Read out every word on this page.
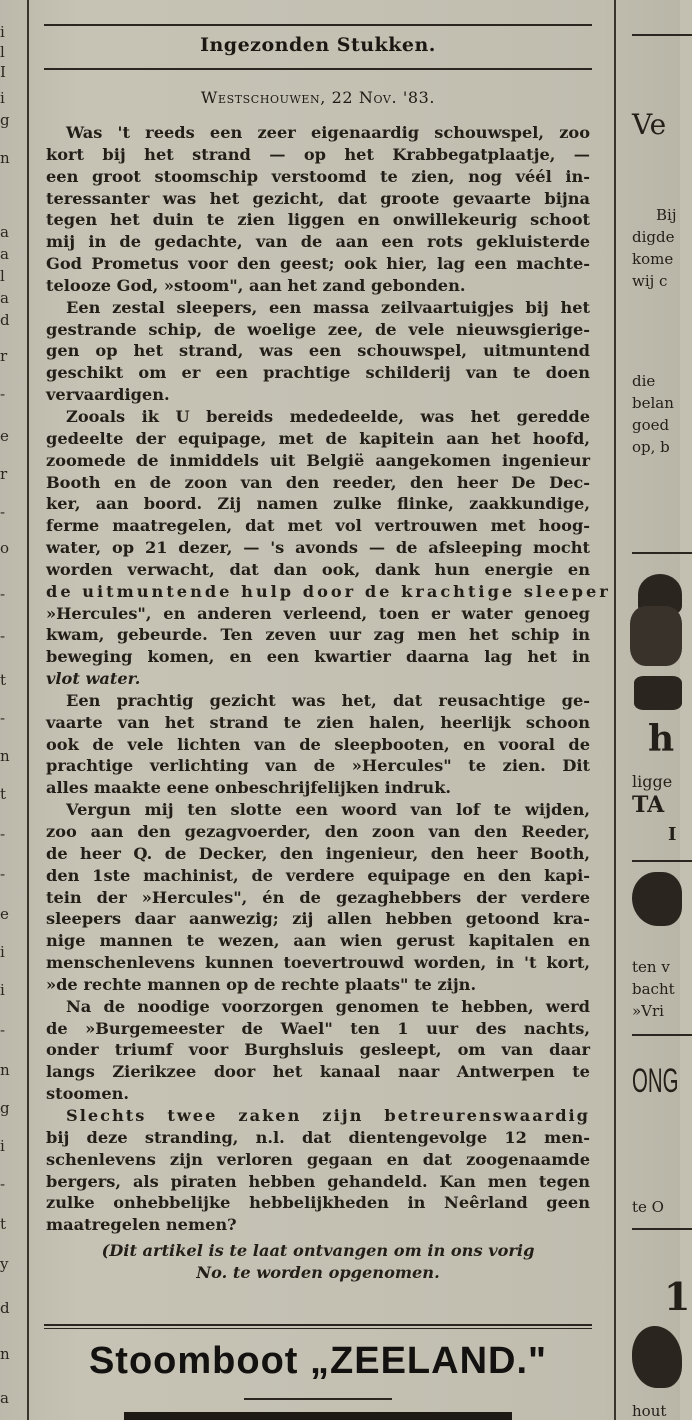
i
l
I
i
g
n
a
a
l
a
d
r
-
e
r
-
o
-
-
t
-
n
t
-
-
e
i
i
-
n
g
i
-
t
y
d
n
a
Ingezonden Stukken.
Westschouwen, 22 Nov. '83.
Was 't reeds een zeer eigenaardig schouwspel, zoo
kort bij het strand — op het Krabbegatplaatje, —
een groot stoomschip verstoomd te zien, nog véél in-
teressanter was het gezicht, dat groote gevaarte bijna
tegen het duin te zien liggen en onwillekeurig schoot
mij in de gedachte, van de aan een rots gekluisterde
God Prometus voor den geest; ook hier, lag een machte-
telooze God, »stoom", aan het zand gebonden.
Een zestal sleepers, een massa zeilvaartuigjes bij het
gestrande schip, de woelige zee, de vele nieuwsgierige-
gen op het strand, was een schouwspel, uitmuntend
geschikt om er een prachtige schilderij van te doen
vervaardigen.
Zooals ik U bereids mededeelde, was het geredde
gedeelte der equipage, met de kapitein aan het hoofd,
zoomede de inmiddels uit België aangekomen ingenieur
Booth en de zoon van den reeder, den heer De Dec-
ker, aan boord. Zij namen zulke flinke, zaakkundige,
ferme maatregelen, dat met vol vertrouwen met hoog-
water, op 21 dezer, — 's avonds — de afsleeping mocht
worden verwacht, dat dan ook, dank hun energie en
de uitmuntende hulp door de krachtige sleeper
»Hercules", en anderen verleend, toen er water genoeg
kwam, gebeurde. Ten zeven uur zag men het schip in
beweging komen, en een kwartier daarna lag het in
vlot water.
Een prachtig gezicht was het, dat reusachtige ge-
vaarte van het strand te zien halen, heerlijk schoon
ook de vele lichten van de sleepbooten, en vooral de
prachtige verlichting van de »Hercules" te zien. Dit
alles maakte eene onbeschrijfelijken indruk.
Vergun mij ten slotte een woord van lof te wijden,
zoo aan den gezagvoerder, den zoon van den Reeder,
de heer Q. de Decker, den ingenieur, den heer Booth,
den 1ste machinist, de verdere equipage en den kapi-
tein der »Hercules", én de gezaghebbers der verdere
sleepers daar aanwezig; zij allen hebben getoond kra-
nige mannen te wezen, aan wien gerust kapitalen en
menschenlevens kunnen toevertrouwd worden, in 't kort,
»de rechte mannen op de rechte plaats" te zijn.
Na de noodige voorzorgen genomen te hebben, werd
de »Burgemeester de Wael" ten 1 uur des nachts,
onder triumf voor Burghsluis gesleept, om van daar
langs Zierikzee door het kanaal naar Antwerpen te
stoomen.
Slechts twee zaken zijn betreurenswaardig
bij deze stranding, n.l. dat dientengevolge 12 men-
schenlevens zijn verloren gegaan en dat zoogenaamde
bergers, als piraten hebben gehandeld. Kan men tegen
zulke onhebbelijke hebbelijkheden in Neêrland geen
maatregelen nemen?
(Dit artikel is te laat ontvangen om in ons vorig
No. te worden opgenomen.
Stoomboot „ZEELAND."
Ve
Bij
digde
kome
wij c
die
belan
goed
op, b
h
ligge
TA
I
ten v
bacht
»Vri
ONG
te O
1
hout
